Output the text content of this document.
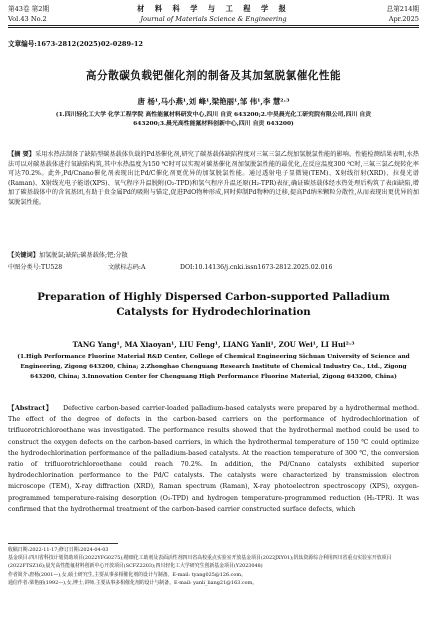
第43卷 第2期	材 料 科 学 与 工 程 学 报	总第214期
Vol.43 No.2	Journal of Materials Science & Engineering	Apr.2025
文章编号:1673-2812(2025)02-0289-12
高分散碳负载钯催化剂的制备及其加氢脱氯催化性能
唐 杨¹,马小燕¹,刘 峰¹,梁艳丽¹,邹 伟¹,李 慧²˒³
(1.四川轻化工大学 化学工程学院 高性能氟材料研发中心,四川 自贡 643200;2.中昊晨光化工研究院有限公司,四川 自贡 643200;3.晨光高性能氟材料创新中心,四川 自贡 643200)
【摘 要】采用水热法制备了缺陷型碳基载体负载的Pd基催化剂,研究了碳基载体缺陷程度对三氟三氯乙烷加氢脱氯性能的影响。性能检测结果表明,水热法可以对碳基载体进行氧缺陷构筑,其中水热温度为150 ℃时可以实现对碳基催化剂加氢脱氯性能的最优化,在反应温度300 ℃时,三氟三氯乙烷转化率可达70.2%。此外,Pd/Cnano催化剂表现出比Pd/C催化剂更优异的加氢脱氯性能。通过透射电子显微镜(TEM)、X射线衍射(XRD)、拉曼光谱(Raman)、X射线光电子能谱(XPS)、氧气程序升温脱附(O₂-TPD)和氢气程序升温还原(H₂-TPR)表征,确证碳基载体经水热处理后构筑了表面缺陷,增加了碳基载体中的含氧基团,有助于贵金属Pd的吸附与锚定,促进PdO物种形成,同时抑制Pd物种的迁移,提高Pd纳米颗粒分散性,从而表现出更优异的加氢脱氯性能。
【关键词】加氢脱氯;缺陷;碳基载体;钯;分散
中图分类号:TU528	文献标志码:A	DOI:10.14136/j.cnki.issn1673-2812.2025.02.016
Preparation of Highly Dispersed Carbon-supported Palladium Catalysts for Hydrodechlorination
TANG Yang¹, MA Xiaoyan¹, LIU Feng¹, LIANG Yanli¹, ZOU Wei¹, LI Hui²˒³
(1.High Performance Fluorine Material R&D Center, College of Chemical Engineering Sichuan University of Science and Engineering, Zigong 643200, China; 2.Zhonghao Chenguang Research Institute of Chemical Industry Co., Ltd., Zigong 643200, China; 3.Innovation Center for Chenguang High Performance Fluorine Material, Zigong 643200, China)
【Abstract】 Defective carbon-based carrier-loaded palladium-based catalysts were prepared by a hydrothermal method. The effect of the degree of defects in the carbon-based carriers on the performance of hydrodechlorination of trifluorotrichloroethane was investigated. The performance results showed that the hydrothermal method could be used to construct the oxygen defects on the carbon-based carriers, in which the hydrothermal temperature of 150 ℃ could optimize the hydrodechlorination performance of the palladium-based catalysts. At the reaction temperature of 300 ℃, the conversion ratio of trifluorotrichloroethane could reach 70.2%. In addition, the Pd/Cnano catalysts exhibited superior hydrodechlorination performance to the Pd/C catalysts. The catalysts were characterized by transmission electron microscope (TEM), X-ray diffraction (XRD), Raman spectrum (Raman), X-ray photoelectron spectroscopy (XPS), oxygen-programmed temperature-raising desorption (O₂-TPD) and hydrogen temperature-programmed reduction (H₂-TPR). It was confirmed that the hydrothermal treatment of the carbon-based carrier constructed surface defects, which
收稿日期:2022-11-17;修订日期:2024-04-03
基金项目:四川省科技计划资助项目(2022YFG0275);精细化工助剂及表面活性剂四川省高校重点实验室开放基金项目(2022JXY01);钒钛资源综合利用四川省重点实验室开放项目(2022FTSZ16);晨光高性能氟材料创新中心开放项目(SCFZ2203);四川轻化工大学研究生创新基金项目(Y2023048)
作者简介:唐杨(2001—),女,硕士研究生,主要从事多相催化剂的设计与制备。E-mail: tyang025@126.com。
通信作者:梁艳丽(1992—),女,博士,讲师,主要从事多相催化剂的设计与制备。E-mail: yanli_liang21@163.com。
